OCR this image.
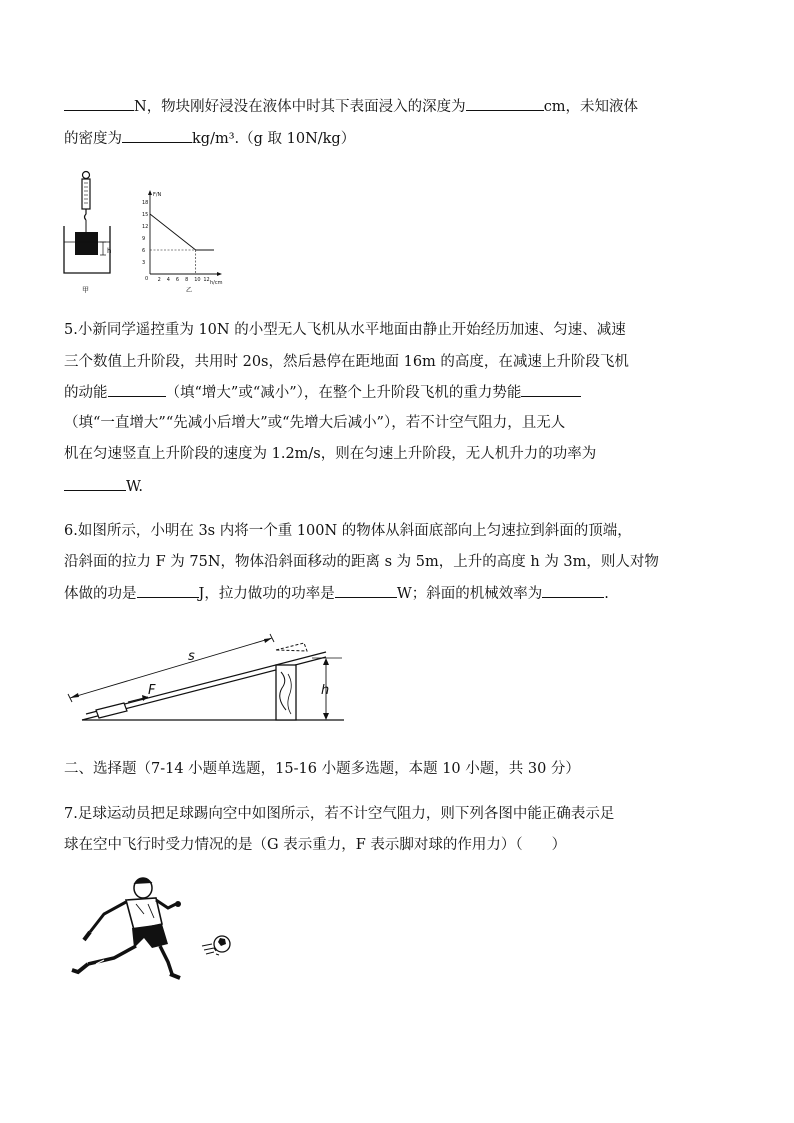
N，物块刚好浸没在液体中时其下表面浸入的深度为	cm，未知液体
的密度为	kg/m³.（g 取 10N/kg）
h
甲
F/N
h/cm
0
18
15
12
9
6
3
2 4 6 8 10 12
乙
5.小新同学遥控重为 10N 的小型无人飞机从水平地面由静止开始经历加速、匀速、减速
三个数值上升阶段，共用时 20s，然后悬停在距地面 16m 的高度，在减速上升阶段飞机
的动能	（填“增大”或“减小”），在整个上升阶段飞机的重力势能
（填“一直增大”“先减小后增大”或“先增大后减小”），若不计空气阻力，且无人
机在匀速竖直上升阶段的速度为 1.2m/s，则在匀速上升阶段，无人机升力的功率为
W.
6.如图所示，小明在 3s 内将一个重 100N 的物体从斜面底部向上匀速拉到斜面的顶端，
沿斜面的拉力 F 为 75N，物体沿斜面移动的距离 s 为 5m，上升的高度 h 为 3m，则人对物
体做的功是	J，拉力做功的功率是	W；斜面的机械效率为	.
F
s
h
二、选择题（7-14 小题单选题，15-16 小题多选题，本题 10 小题，共 30 分）
7.足球运动员把足球踢向空中如图所示，若不计空气阻力，则下列各图中能正确表示足
球在空中飞行时受力情况的是（G 表示重力，F 表示脚对球的作用力）（　　）
